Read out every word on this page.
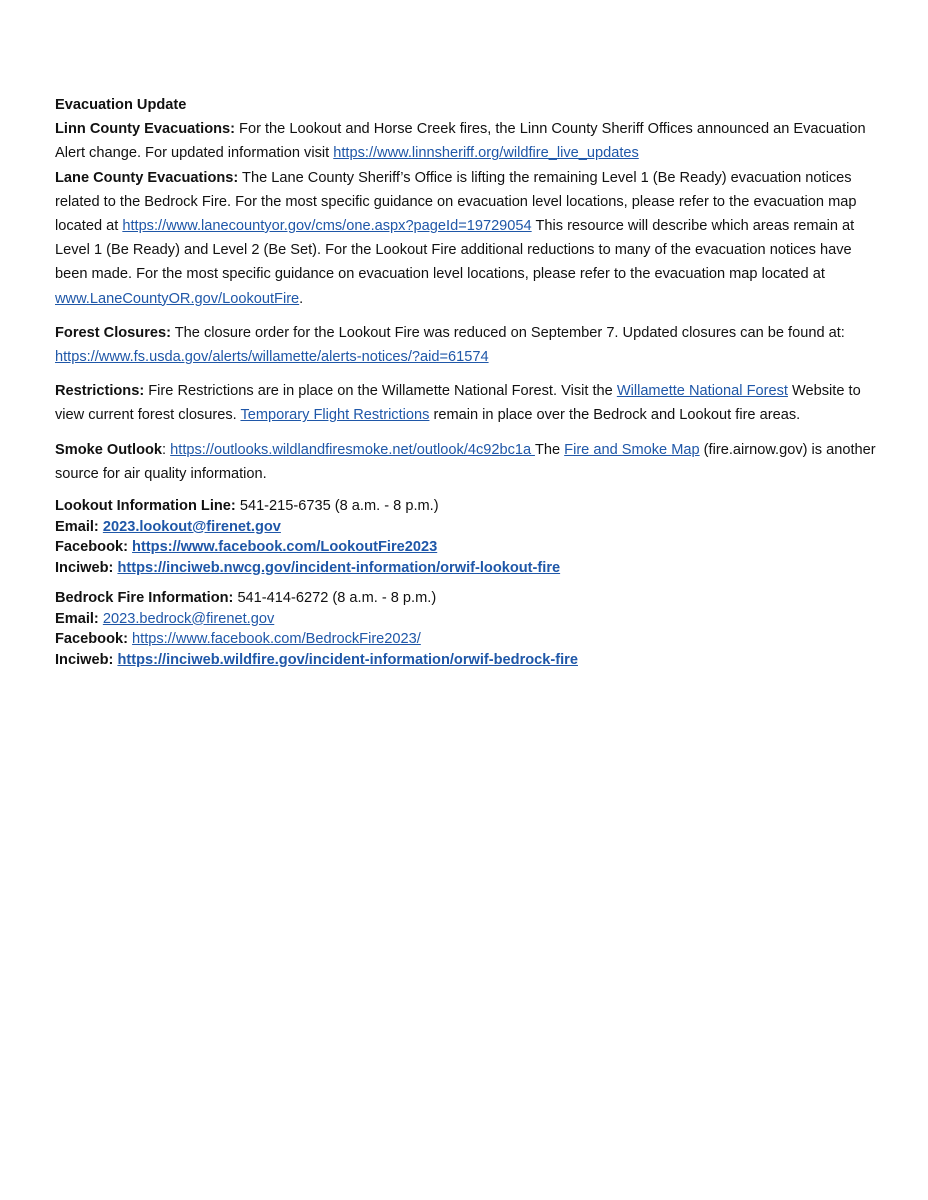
Evacuation Update
Linn County Evacuations: For the Lookout and Horse Creek fires, the Linn County Sheriff Offices announced an Evacuation Alert change. For updated information visit https://www.linnsheriff.org/wildfire_live_updates
Lane County Evacuations: The Lane County Sheriff’s Office is lifting the remaining Level 1 (Be Ready) evacuation notices related to the Bedrock Fire. For the most specific guidance on evacuation level locations, please refer to the evacuation map located at https://www.lanecountyor.gov/cms/one.aspx?pageId=19729054 This resource will describe which areas remain at Level 1 (Be Ready) and Level 2 (Be Set). For the Lookout Fire additional reductions to many of the evacuation notices have been made. For the most specific guidance on evacuation level locations, please refer to the evacuation map located at www.LaneCountyOR.gov/LookoutFire.

Forest Closures: The closure order for the Lookout Fire was reduced on September 7. Updated closures can be found at: https://www.fs.usda.gov/alerts/willamette/alerts-notices/?aid=61574

Restrictions: Fire Restrictions are in place on the Willamette National Forest. Visit the Willamette National Forest Website to view current forest closures. Temporary Flight Restrictions remain in place over the Bedrock and Lookout fire areas.

Smoke Outlook: https://outlooks.wildlandfiresmoke.net/outlook/4c92bc1a The Fire and Smoke Map (fire.airnow.gov) is another source for air quality information.

Lookout Information Line: 541-215-6735 (8 a.m. - 8 p.m.)
Email: 2023.lookout@firenet.gov
Facebook: https://www.facebook.com/LookoutFire2023
Inciweb: https://inciweb.nwcg.gov/incident-information/orwif-lookout-fire

Bedrock Fire Information: 541-414-6272 (8 a.m. - 8 p.m.)
Email: 2023.bedrock@firenet.gov
Facebook: https://www.facebook.com/BedrockFire2023/
Inciweb: https://inciweb.wildfire.gov/incident-information/orwif-bedrock-fire
